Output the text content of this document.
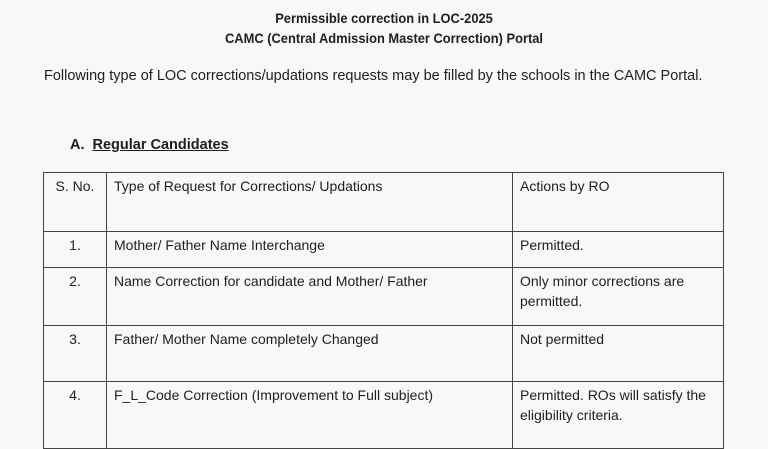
Permissible correction in LOC-2025
CAMC (Central Admission Master Correction) Portal
Following type of LOC corrections/updations requests may be filled by the schools in the CAMC Portal.
A. Regular Candidates
S. No.	Type of Request for Corrections/ Updations	Actions by RO
1.	Mother/ Father Name Interchange	Permitted.
2.	Name Correction for candidate and Mother/ Father	Only minor corrections are permitted.
3.	Father/ Mother Name completely Changed	Not permitted
4.	F_L_Code Correction (Improvement to Full subject)	Permitted. ROs will satisfy the eligibility criteria.
